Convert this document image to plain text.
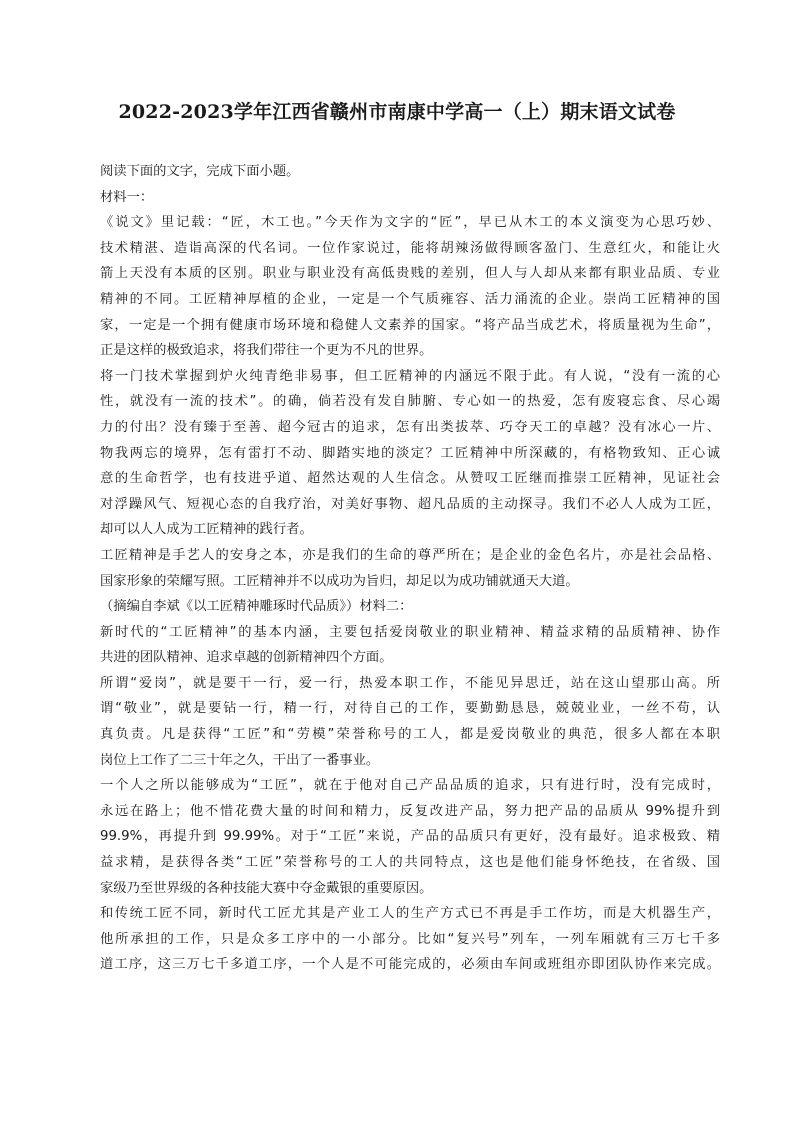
2022-2023学年江西省赣州市南康中学高一（上）期末语文试卷
阅读下面的文字，完成下面小题。
材料一：
《说文》里记载：“匠，木工也。”今天作为文字的“匠”，早已从木工的本义演变为心思巧妙、
技术精湛、造诣高深的代名词。一位作家说过，能将胡辣汤做得顾客盈门、生意红火，和能让火
箭上天没有本质的区别。职业与职业没有高低贵贱的差别，但人与人却从来都有职业品质、专业
精神的不同。工匠精神厚植的企业，一定是一个气质雍容、活力涌流的企业。崇尚工匠精神的国
家，一定是一个拥有健康市场环境和稳健人文素养的国家。“将产品当成艺术，将质量视为生命”，
正是这样的极致追求，将我们带往一个更为不凡的世界。
将一门技术掌握到炉火纯青绝非易事，但工匠精神的内涵远不限于此。有人说，“没有一流的心
性，就没有一流的技术”。的确，倘若没有发自肺腑、专心如一的热爱，怎有废寝忘食、尽心竭
力的付出？没有臻于至善、超今冠古的追求，怎有出类拔萃、巧夺天工的卓越？没有冰心一片、
物我两忘的境界，怎有雷打不动、脚踏实地的淡定？工匠精神中所深藏的，有格物致知、正心诚
意的生命哲学，也有技进乎道、超然达观的人生信念。从赞叹工匠继而推崇工匠精神，见证社会
对浮躁风气、短视心态的自我疗治，对美好事物、超凡品质的主动探寻。我们不必人人成为工匠，
却可以人人成为工匠精神的践行者。
工匠精神是手艺人的安身之本，亦是我们的生命的尊严所在；是企业的金色名片，亦是社会品格、
国家形象的荣耀写照。工匠精神并不以成功为旨归，却足以为成功铺就通天大道。
（摘编自李斌《以工匠精神雕琢时代品质》）材料二：
新时代的“工匠精神”的基本内涵，主要包括爱岗敬业的职业精神、精益求精的品质精神、协作
共进的团队精神、追求卓越的创新精神四个方面。
所谓“爱岗”，就是要干一行，爱一行，热爱本职工作，不能见异思迁，站在这山望那山高。所
谓“敬业”，就是要钻一行，精一行，对待自己的工作，要勤勤恳恳，兢兢业业，一丝不苟，认
真负责。凡是获得“工匠”和“劳模”荣誉称号的工人，都是爱岗敬业的典范，很多人都在本职
岗位上工作了二三十年之久，干出了一番事业。
一个人之所以能够成为“工匠”，就在于他对自己产品品质的追求，只有进行时，没有完成时，
永远在路上；他不惜花费大量的时间和精力，反复改进产品，努力把产品的品质从 99%提升到
99.9%，再提升到 99.99%。对于“工匠”来说，产品的品质只有更好，没有最好。追求极致、精
益求精，是获得各类“工匠”荣誉称号的工人的共同特点，这也是他们能身怀绝技，在省级、国
家级乃至世界级的各种技能大赛中夺金戴银的重要原因。
和传统工匠不同，新时代工匠尤其是产业工人的生产方式已不再是手工作坊，而是大机器生产，
他所承担的工作，只是众多工序中的一小部分。比如“复兴号”列车，一列车厢就有三万七千多
道工序，这三万七千多道工序，一个人是不可能完成的，必须由车间或班组亦即团队协作来完成。
